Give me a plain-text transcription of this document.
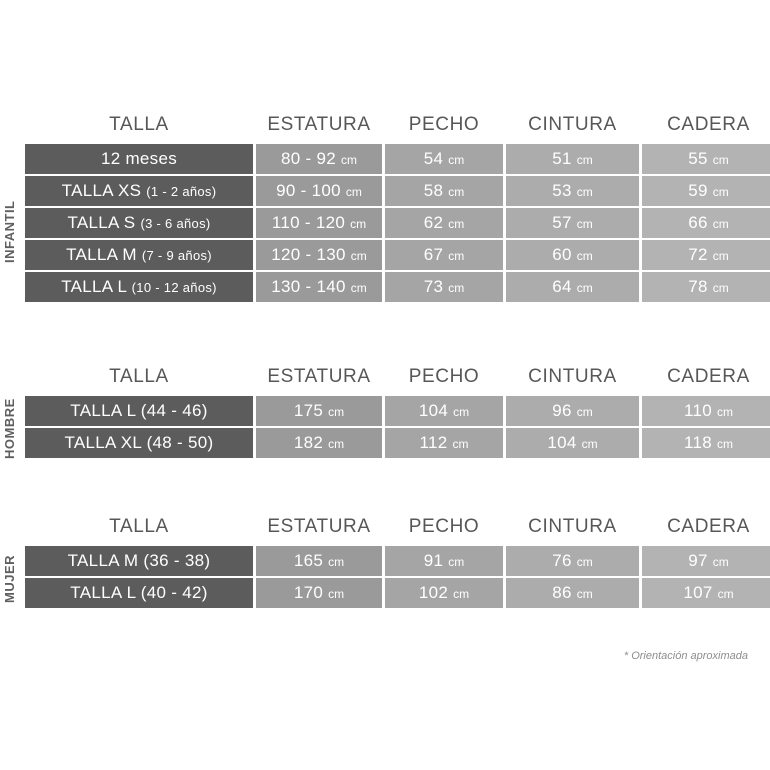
INFANTIL
TALLA	ESTATURA	PECHO	CINTURA	CADERA
12 meses	80 - 92 cm	54 cm	51 cm	55 cm
TALLA XS (1 - 2 años)	90 - 100 cm	58 cm	53 cm	59 cm
TALLA S (3 - 6 años)	110 - 120 cm	62 cm	57 cm	66 cm
TALLA M (7 - 9 años)	120 - 130 cm	67 cm	60 cm	72 cm
TALLA L (10 - 12 años)	130 - 140 cm	73 cm	64 cm	78 cm
HOMBRE
TALLA	ESTATURA	PECHO	CINTURA	CADERA
TALLA L (44 - 46)	175 cm	104 cm	96 cm	110 cm
TALLA XL (48 - 50)	182 cm	112 cm	104 cm	118 cm
MUJER
TALLA	ESTATURA	PECHO	CINTURA	CADERA
TALLA M (36 - 38)	165 cm	91 cm	76 cm	97 cm
TALLA L (40 - 42)	170 cm	102 cm	86 cm	107 cm
* Orientación aproximada
